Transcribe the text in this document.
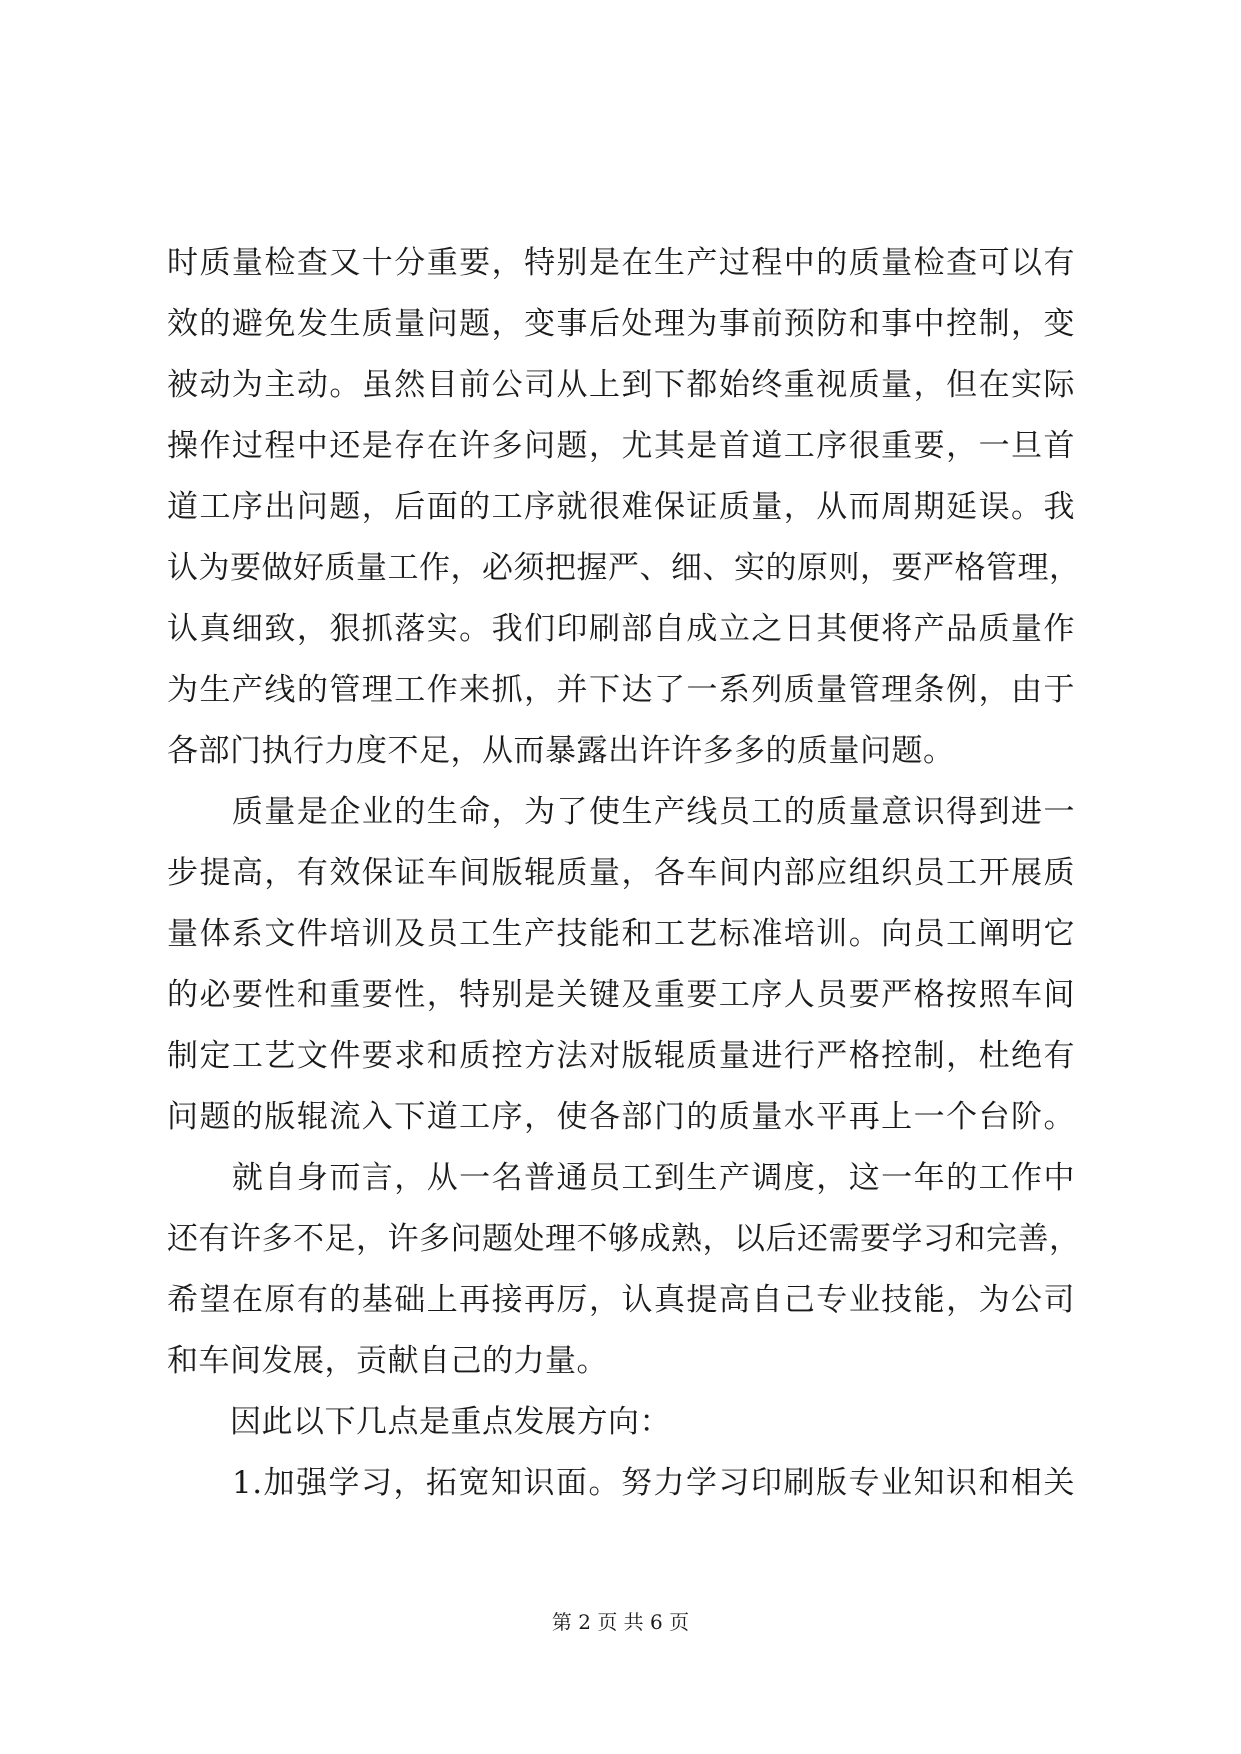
时质量检查又十分重要，特别是在生产过程中的质量检查可以有
效的避免发生质量问题，变事后处理为事前预防和事中控制，变
被动为主动。虽然目前公司从上到下都始终重视质量，但在实际
操作过程中还是存在许多问题，尤其是首道工序很重要，一旦首
道工序出问题，后面的工序就很难保证质量，从而周期延误。我
认为要做好质量工作，必须把握严、细、实的原则，要严格管理，
认真细致，狠抓落实。我们印刷部自成立之日其便将产品质量作
为生产线的管理工作来抓，并下达了一系列质量管理条例，由于
各部门执行力度不足，从而暴露出许许多多的质量问题。
　　质量是企业的生命，为了使生产线员工的质量意识得到进一
步提高，有效保证车间版辊质量，各车间内部应组织员工开展质
量体系文件培训及员工生产技能和工艺标准培训。向员工阐明它
的必要性和重要性，特别是关键及重要工序人员要严格按照车间
制定工艺文件要求和质控方法对版辊质量进行严格控制，杜绝有
问题的版辊流入下道工序，使各部门的质量水平再上一个台阶。
　　就自身而言，从一名普通员工到生产调度，这一年的工作中
还有许多不足，许多问题处理不够成熟，以后还需要学习和完善，
希望在原有的基础上再接再厉，认真提高自己专业技能，为公司
和车间发展，贡献自己的力量。
　　因此以下几点是重点发展方向：
　　1.加强学习，拓宽知识面。努力学习印刷版专业知识和相关
第 2 页 共 6 页
